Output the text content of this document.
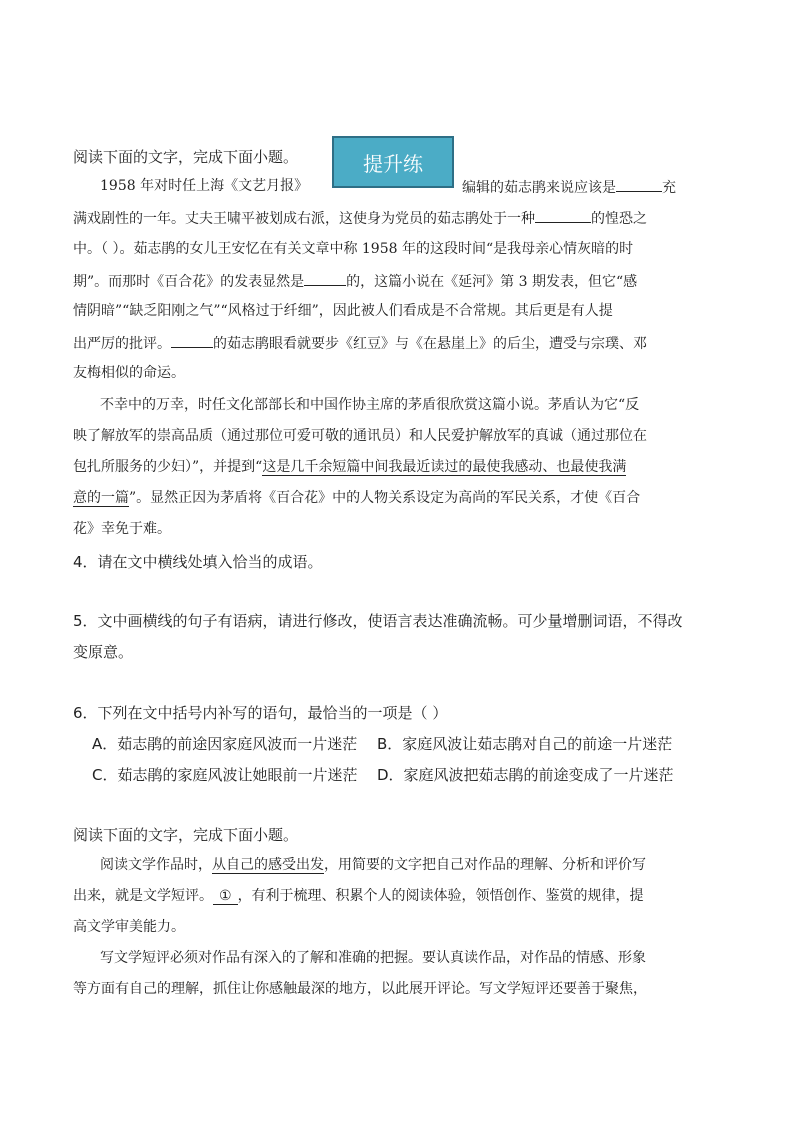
阅读下面的文字，完成下面小题。	提升练
1958 年对时任上海《文艺月报》	编辑的茹志鹃来说应该是	充
满戏剧性的一年。丈夫王啸平被划成右派，这使身为党员的茹志鹃处于一种	的惶恐之
中。（ ）。茹志鹃的女儿王安忆在有关文章中称 1958 年的这段时间“是我母亲心情灰暗的时
期”。而那时《百合花》的发表显然是	的，这篇小说在《延河》第 3 期发表，但它“感
情阴暗”“缺乏阳刚之气”“风格过于纤细”，因此被人们看成是不合常规。其后更是有人提
出严厉的批评。	的茹志鹃眼看就要步《红豆》与《在悬崖上》的后尘，遭受与宗璞、邓
友梅相似的命运。
不幸中的万幸，时任文化部部长和中国作协主席的茅盾很欣赏这篇小说。茅盾认为它“反
映了解放军的崇高品质（通过那位可爱可敬的通讯员）和人民爱护解放军的真诚（通过那位在
包扎所服务的少妇）”，并提到“这是几千余短篇中间我最近读过的最使我感动、也最使我满
意的一篇”。显然正因为茅盾将《百合花》中的人物关系设定为高尚的军民关系，才使《百合
花》幸免于难。
4．请在文中横线处填入恰当的成语。
5．文中画横线的句子有语病，请进行修改，使语言表达准确流畅。可少量增删词语，不得改
变原意。
6．下列在文中括号内补写的语句，最恰当的一项是（ ）
A．茹志鹃的前途因家庭风波而一片迷茫 B．家庭风波让茹志鹃对自己的前途一片迷茫
C．茹志鹃的家庭风波让她眼前一片迷茫 D．家庭风波把茹志鹃的前途变成了一片迷茫
阅读下面的文字，完成下面小题。
阅读文学作品时，从自己的感受出发，用简要的文字把自己对作品的理解、分析和评价写
出来，就是文学短评。 ① ，有利于梳理、积累个人的阅读体验，领悟创作、鉴赏的规律，提
高文学审美能力。
写文学短评必须对作品有深入的了解和准确的把握。要认真读作品，对作品的情感、形象
等方面有自己的理解，抓住让你感触最深的地方，以此展开评论。写文学短评还要善于聚焦，
